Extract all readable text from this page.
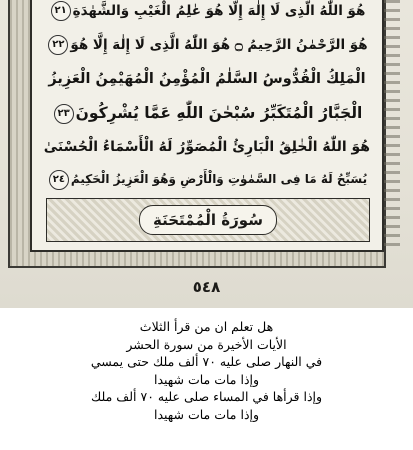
هُوَ اللّٰهُ الَّذِى لَا إِلٰهَ إِلَّا هُوَ عٰلِمُ الْغَيْبِ وَالشَّهٰدَةِ٢١
هُوَ الرَّحْمٰنُ الرَّحِيمُ ۝ هُوَ اللّٰهُ الَّذِى لَا إِلٰهَ إِلَّا هُوَ٢٢
الْمَلِكُ الْقُدُّوسُ السَّلٰمُ الْمُؤْمِنُ الْمُهَيْمِنُ الْعَزِيزُ
الْجَبَّارُ الْمُتَكَبِّرُ سُبْحٰنَ اللّٰهِ عَمَّا يُشْرِكُونَ٢٣
هُوَ اللّٰهُ الْخٰلِقُ الْبَارِئُ الْمُصَوِّرُ لَهُ الْأَسْمَاءُ الْحُسْنَىٰ
يُسَبِّحُ لَهُ مَا فِى السَّمٰوٰتِ وَالْأَرْضِ وَهُوَ الْعَزِيزُ الْحَكِيمُ٢٤
سُورَةُ الْمُمْتَحَنَةِ
٥٤٨
هل تعلم ان من قرأ الثلاث
الأيات الأخيرة من سورة الحشر
في النهار صلى عليه ٧٠ ألف ملك حتى يمسي
وإذا مات مات شهيدا
وإذا قرأها في المساء صلى عليه ٧٠ ألف ملك
وإذا مات مات شهيدا
